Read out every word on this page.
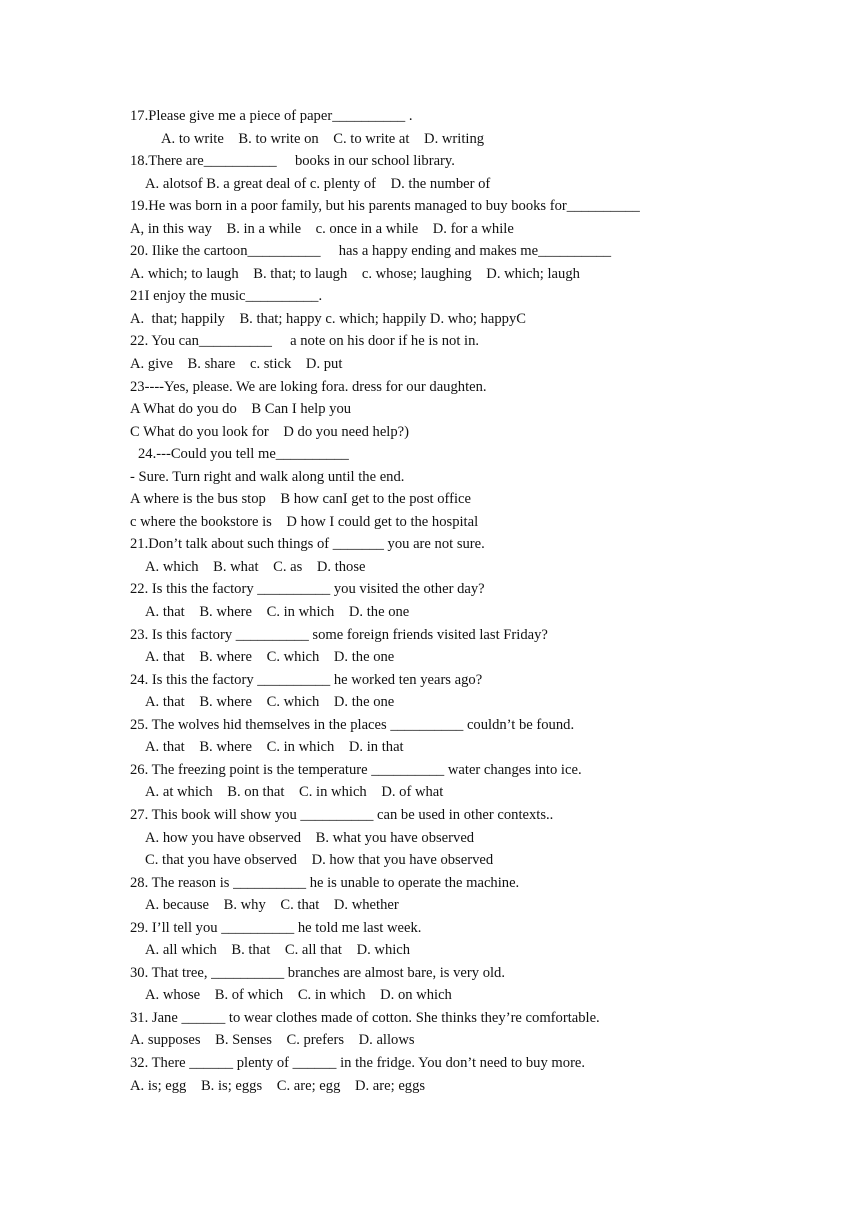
17.Please give me a piece of paper__________ .
A. to write    B. to write on    C. to write at    D. writing
18.There are__________     books in our school library.
A. alotsof B. a great deal of c. plenty of    D. the number of
19.He was born in a poor family, but his parents managed to buy books for__________
A, in this way    B. in a while    c. once in a while    D. for a while
20. Ilike the cartoon__________     has a happy ending and makes me__________
A. which; to laugh    B. that; to laugh    c. whose; laughing    D. which; laugh
21I enjoy the music__________.
A.  that; happily    B. that; happy c. which; happily D. who; happyC
22. You can__________     a note on his door if he is not in.
A. give    B. share    c. stick    D. put
23----Yes, please. We are loking fora. dress for our daughten.
A What do you do    B Can I help you
C What do you look for    D do you need help?)
24.---Could you tell me__________
- Sure. Turn right and walk along until the end.
A where is the bus stop    B how canI get to the post office
c where the bookstore is    D how I could get to the hospital
21.Don’t talk about such things of _______ you are not sure.
A. which    B. what    C. as    D. those
22. Is this the factory __________ you visited the other day?
A. that    B. where    C. in which    D. the one
23. Is this factory __________ some foreign friends visited last Friday?
A. that    B. where    C. which    D. the one
24. Is this the factory __________ he worked ten years ago?
A. that    B. where    C. which    D. the one
25. The wolves hid themselves in the places __________ couldn’t be found.
A. that    B. where    C. in which    D. in that
26. The freezing point is the temperature __________ water changes into ice.
A. at which    B. on that    C. in which    D. of what
27. This book will show you __________ can be used in other contexts..
A. how you have observed    B. what you have observed
C. that you have observed    D. how that you have observed
28. The reason is __________ he is unable to operate the machine.
A. because    B. why    C. that    D. whether
29. I’ll tell you __________ he told me last week.
A. all which    B. that    C. all that    D. which
30. That tree, __________ branches are almost bare, is very old.
A. whose    B. of which    C. in which    D. on which
31. Jane ______ to wear clothes made of cotton. She thinks they’re comfortable.
A. supposes    B. Senses    C. prefers    D. allows
32. There ______ plenty of ______ in the fridge. You don’t need to buy more.
A. is; egg    B. is; eggs    C. are; egg    D. are; eggs
